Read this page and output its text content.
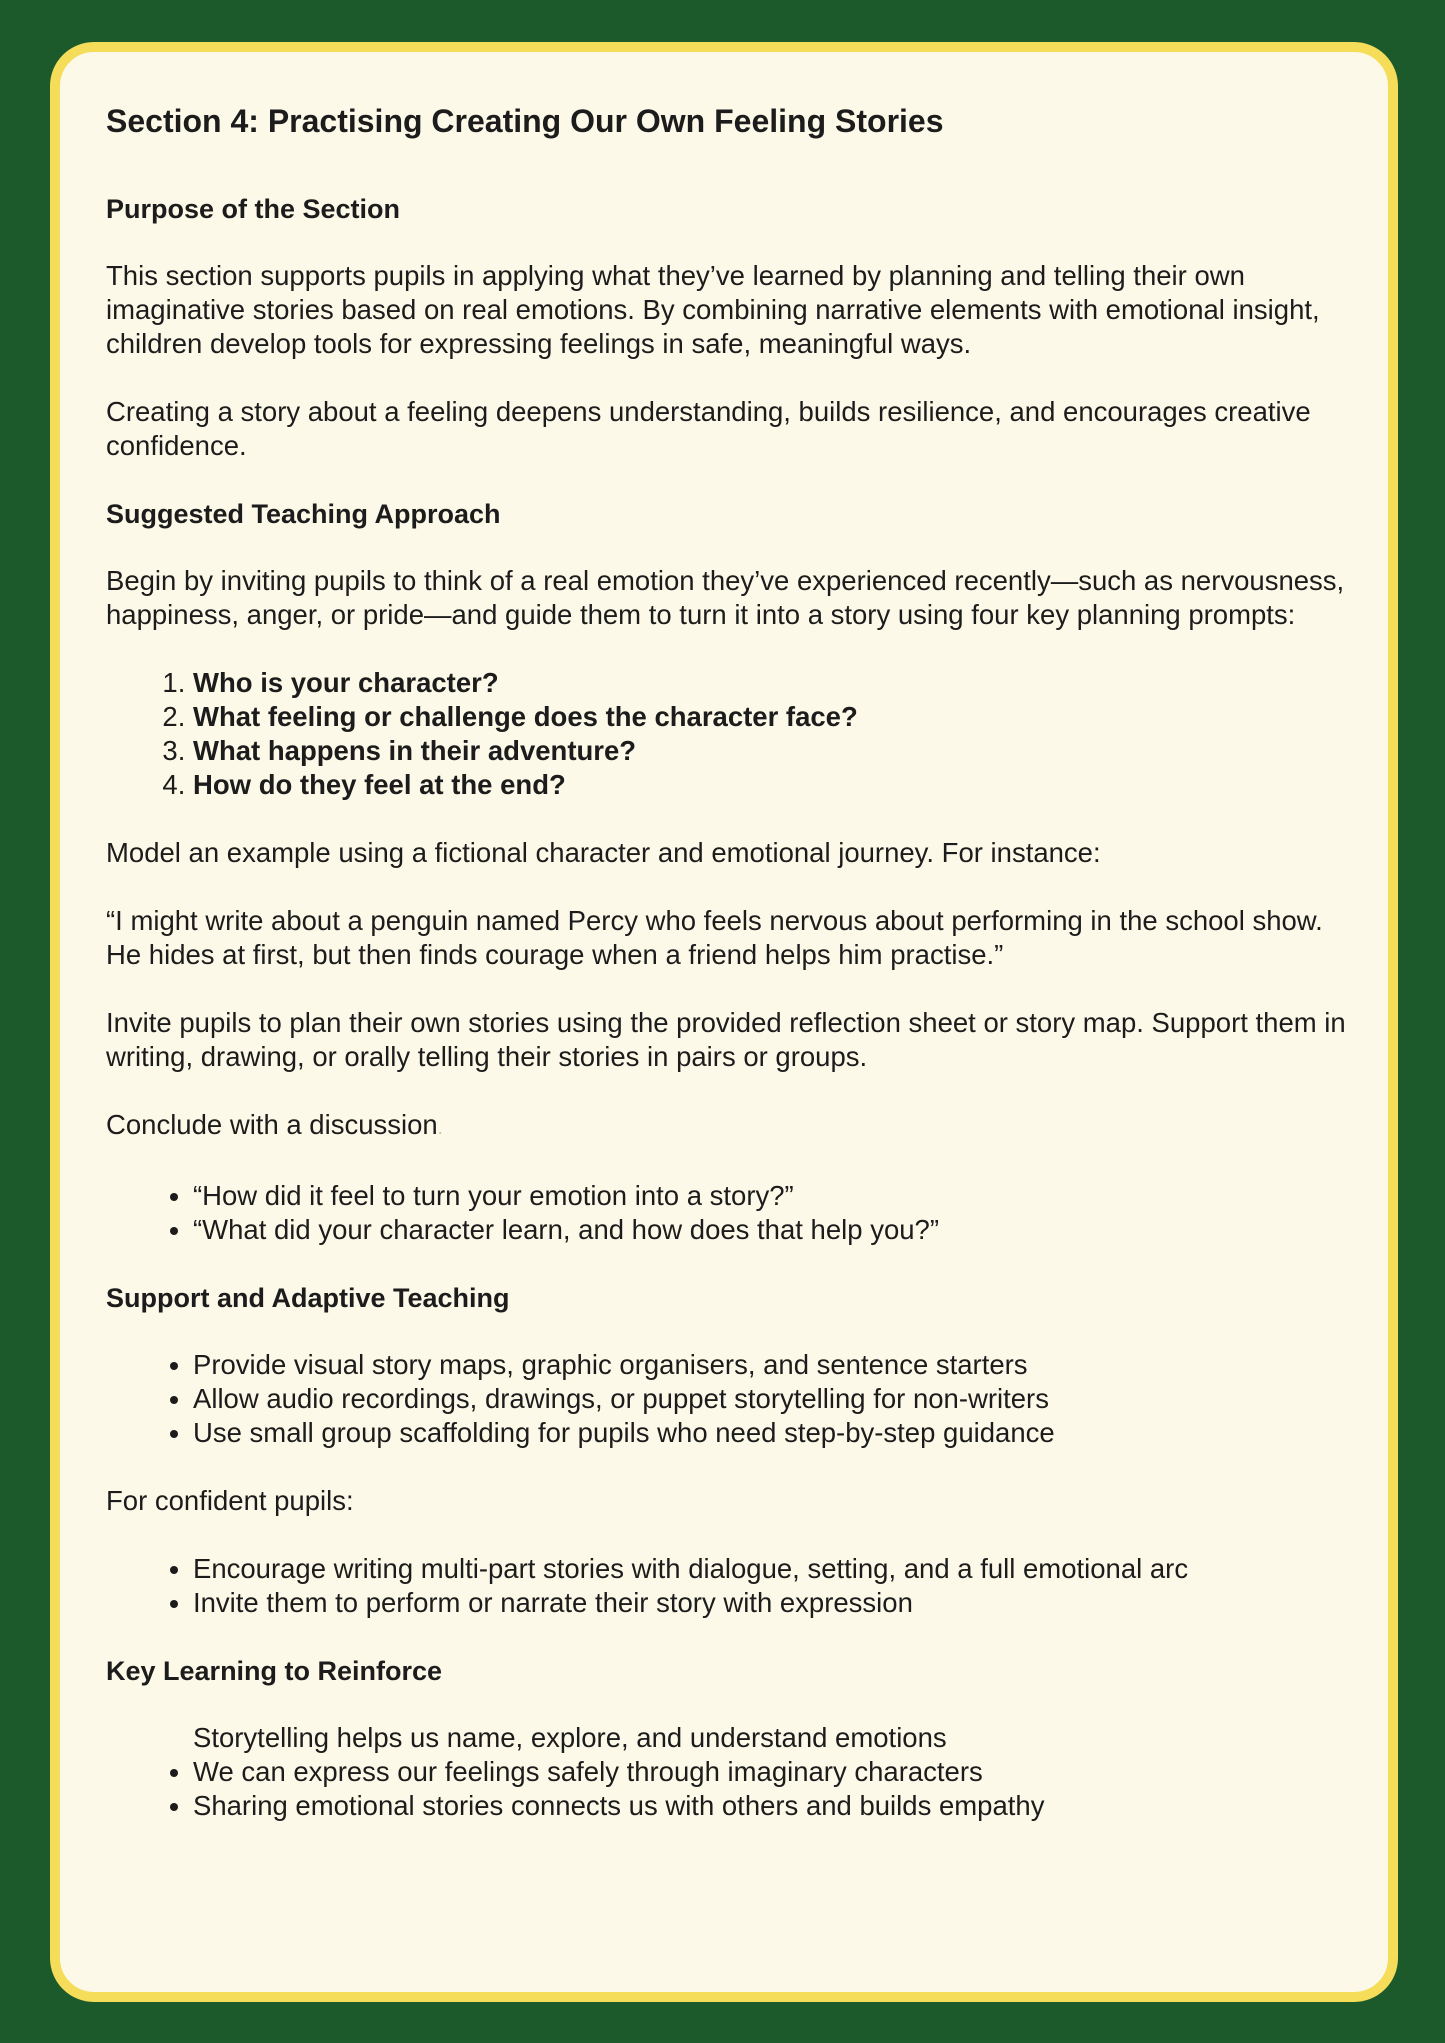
Section 4: Practising Creating Our Own Feeling Stories
Purpose of the Section

This section supports pupils in applying what they’ve learned by planning and telling their own imaginative stories based on real emotions. By combining narrative elements with emotional insight, children develop tools for expressing feelings in safe, meaningful ways.

Creating a story about a feeling deepens understanding, builds resilience, and encourages creative confidence.

Suggested Teaching Approach

Begin by inviting pupils to think of a real emotion they’ve experienced recently—such as nervousness, happiness, anger, or pride—and guide them to turn it into a story using four key planning prompts:

1. Who is your character?
2. What feeling or challenge does the character face?
3. What happens in their adventure?
4. How do they feel at the end?

Model an example using a fictional character and emotional journey. For instance:

“I might write about a penguin named Percy who feels nervous about performing in the school show. He hides at first, but then finds courage when a friend helps him practise.”

Invite pupils to plan their own stories using the provided reflection sheet or story map. Support them in writing, drawing, or orally telling their stories in pairs or groups.

Conclude with a discussion.

• “How did it feel to turn your emotion into a story?”
• “What did your character learn, and how does that help you?”
Support and Adaptive Teaching
• Provide visual story maps, graphic organisers, and sentence starters
• Allow audio recordings, drawings, or puppet storytelling for non-writers
• Use small group scaffolding for pupils who need step-by-step guidance

For confident pupils:

• Encourage writing multi-part stories with dialogue, setting, and a full emotional arc
• Invite them to perform or narrate their story with expression
Key Learning to Reinforce
Storytelling helps us name, explore, and understand emotions
• We can express our feelings safely through imaginary characters
• Sharing emotional stories connects us with others and builds empathy
